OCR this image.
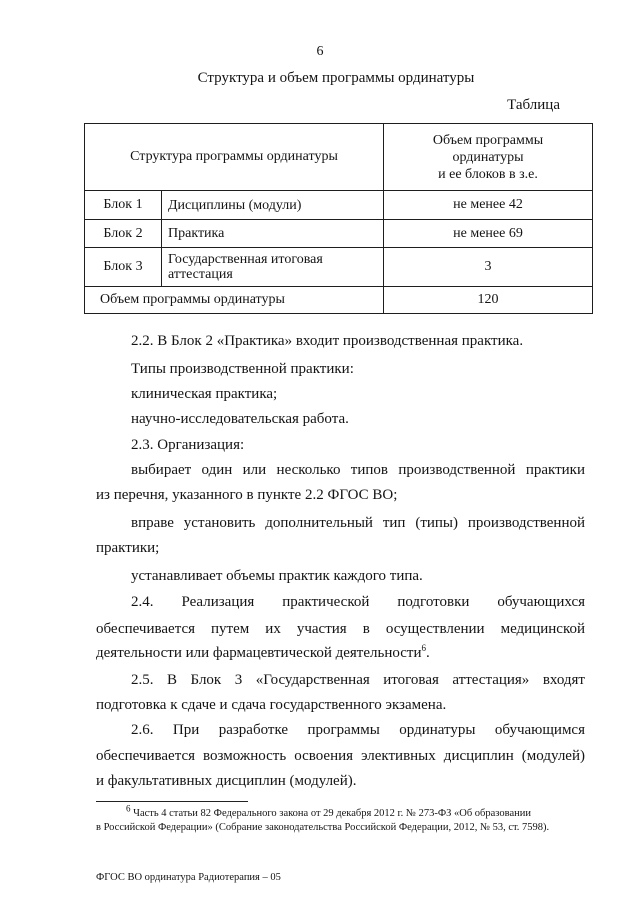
6
Структура и объем программы ординатуры
Таблица
Структура программы ординатуры		Объем программы
ординатуры
и ее блоков в з.е.

Блок 1	Дисциплины (модули)	не менее 42
Блок 2	Практика	не менее 69
Блок 3	Государственная итоговая аттестация	3
Объем программы ординатуры		120
2.2. В Блок 2 «Практика» входит производственная практика.
Типы производственной практики:
клиническая практика;
научно-исследовательская работа.
2.3. Организация:
выбирает один или несколько типов производственной практики
из перечня, указанного в пункте 2.2 ФГОС ВО;
вправе установить дополнительный тип (типы) производственной
практики;
устанавливает объемы практик каждого типа.
2.4. Реализация практической подготовки обучающихся
обеспечивается путем их участия в осуществлении медицинской
деятельности или фармацевтической деятельности$^6$.
2.5. В Блок 3 «Государственная итоговая аттестация» входят
подготовка к сдаче и сдача государственного экзамена.
2.6. При разработке программы ординатуры обучающимся
обеспечивается возможность освоения элективных дисциплин (модулей)
и факультативных дисциплин (модулей).
$^6$ Часть 4 статьи 82 Федерального закона от 29 декабря 2012 г. № 273-ФЗ «Об образовании
в Российской Федерации» (Собрание законодательства Российской Федерации, 2012, № 53, ст. 7598).
ФГОС ВО ординатура Радиотерапия – 05
